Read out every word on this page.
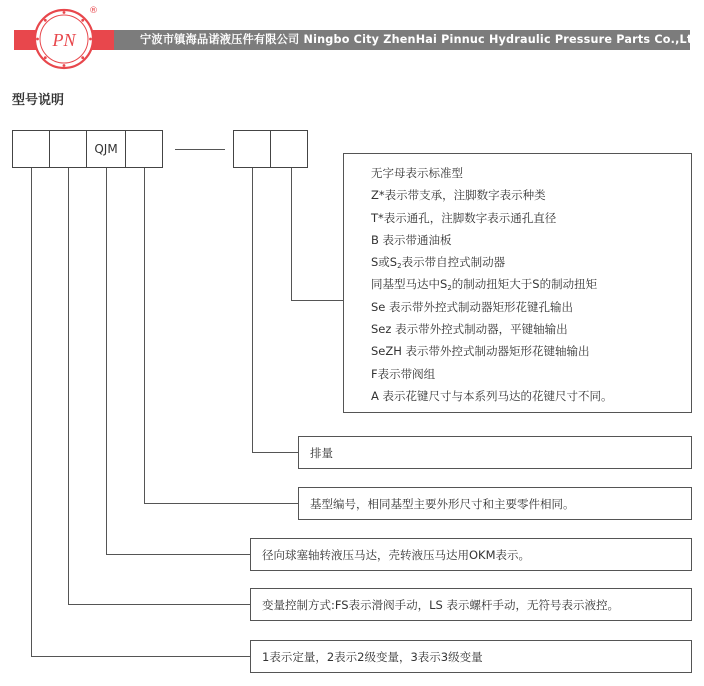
PN
®
宁波市镇海品诺液压件有限公司 Ningbo City ZhenHai Pinnuc Hydraulic Pressure Parts Co.,Ltd
型号说明
QJM
无字母表示标准型
Z*表示带支承，注脚数字表示种类
T*表示通孔，注脚数字表示通孔直径
B 表示带通油板
S或$S_2$表示带自控式制动器
同基型马达中$S_2$的制动扭矩大于S的制动扭矩
Se 表示带外控式制动器矩形花键孔输出
Sez 表示带外控式制动器，平键轴输出
SeZH 表示带外控式制动器矩形花键轴输出
F表示带阀组
A 表示花键尺寸与本系列马达的花键尺寸不同。
排量
基型编号，相同基型主要外形尺寸和主要零件相同。
径向球塞轴转液压马达，壳转液压马达用OKM表示。
变量控制方式:FS表示滑阀手动，LS 表示螺杆手动，无符号表示液控。
1表示定量，2表示2级变量，3表示3级变量
